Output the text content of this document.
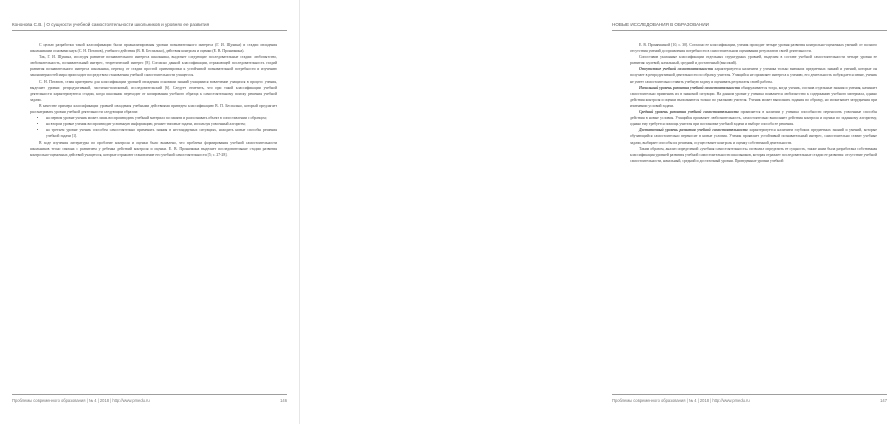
Кононова С.В. | О сущности учебной самостоятельности школьников и уровнях ее развития

С целью разработки такой классификации были проанализированы уровни познавательного интереса (Г. И. Щукина) и стадии овладения школьниками основами наук (С. Н. Потапов), учебного действия (В. В. Беспалько), действия контроля и оценки (Е. В. Пронячкина).

Так, Г. И. Щукина, исследуя развитие познавательного интереса школьника, выделяет следующие последовательные стадии: любопытство, любознательность, познавательный интерес, теоретический интерес [8]. Согласно данной классификации, отражающей последовательность стадий развития познавательного интереса школьника, переход от стадии простой ориентировки к устойчивой познавательной потребности и изучению закономерностей мира происходит посредством становления учебной самостоятельности учащегося.

С. Н. Потапов, ставя критерием для классификации уровней овладения основами знаний учащимися вовлечение учащихся в процесс учения, выделяет уровни: репродуктивный, частично-поисковый, исследовательский [6]. Следует отметить, что при такой классификации учебной деятельности характеризуются стадии, когда школьник переходит от копирования учебного образца к самостоятельному поиску решения учебной задачи.

В качестве примера классификации уровней овладения учебными действиями приведем классификацию В. П. Беспалько, который предлагает рассматривать уровни учебной деятельности следующим образом:

• на первом уровне ученик может лишь воспроизводить учебный материал по памяти и распознавать объект в сопоставлении с образцом;
• на втором уровне ученик воспроизводит усвоенную информацию, решает типовые задачи, используя усвоенный алгоритм;
• на третьем уровне ученик способен самостоятельно применять знания в нестандартных ситуациях, находить новые способы решения учебной задачи [1].

В ходе изучения литературы по проблеме контроля и оценки было выявлено, что проблема формирования учебной самостоятельности школьников тесно связана с развитием у ребенка действий контроля и оценки. Е. В. Пронячкина выделяет последовательные стадии развития контрольно-оценочных действий учащегося, которые отражают становление его учебной самостоятельности [5; с. 27-28].

Проблемы современного образования | № 4 | 2018 | http://www.pmedu.ru	146
НОВЫЕ ИССЛЕДОВАНИЯ В ОБРАЗОВАНИИ

Е. В. Пронячкиной [10, с. 30]. Согласно ее классификации, ученик проходит четыре уровня развития контрольно-оценочных умений: от полного отсутствия умений до проявления потребности в самостоятельном оценивании результатов своей деятельности.

Сопоставив указанные классификации отдельных структурных уровней, выделим в составе учебной самостоятельности четыре уровня ее развития: нулевой, начальный, средний и достаточный (высокий).

Отсутствие учебной самостоятельности характеризуется наличием у ученика только внешних предметных знаний и умений, которые он получает в репродуктивной деятельности по образцу учителя. Учащийся не проявляет интереса к учению, его деятельность побуждается извне, ученик не умеет самостоятельно ставить учебную задачу и оценивать результаты своей работы.

Начальный уровень развития учебной самостоятельности обнаруживается тогда, когда ученик, осознав отдельные знания и умения, начинает самостоятельно применять их в знакомой ситуации. На данном уровне у ученика появляется любопытство к содержанию учебного материала, однако действия контроля и оценки выполняются только по указанию учителя. Ученик может выполнять задания по образцу, но испытывает затруднения при изменении условий задачи.

Средний уровень развития учебной самостоятельности проявляется в наличии у ученика способности переносить усвоенные способы действия в новые условия. Учащийся проявляет любознательность, самостоятельно выполняет действия контроля и оценки по заданному алгоритму, однако ему требуется помощь учителя при постановке учебной задачи и выборе способа ее решения.

Достаточный уровень развития учебной самостоятельности характеризуется наличием глубоких предметных знаний и умений, которые обучающийся самостоятельно переносит в новые условия. Ученик проявляет устойчивый познавательный интерес, самостоятельно ставит учебные задачи, выбирает способы их решения, осуществляет контроль и оценку собственной деятельности.

Таким образом, анализ определений «учебная самостоятельность» позволил определить ее сущность, также нами была разработана собственная классификация уровней развития учебной самостоятельности школьников, которая отражает последовательные стадии ее развития: отсутствие учебной самостоятельности, начальный, средний и достаточный уровни. Проведенные уровни учебной

Проблемы современного образования | № 4 | 2018 | http://www.pmedu.ru	147
